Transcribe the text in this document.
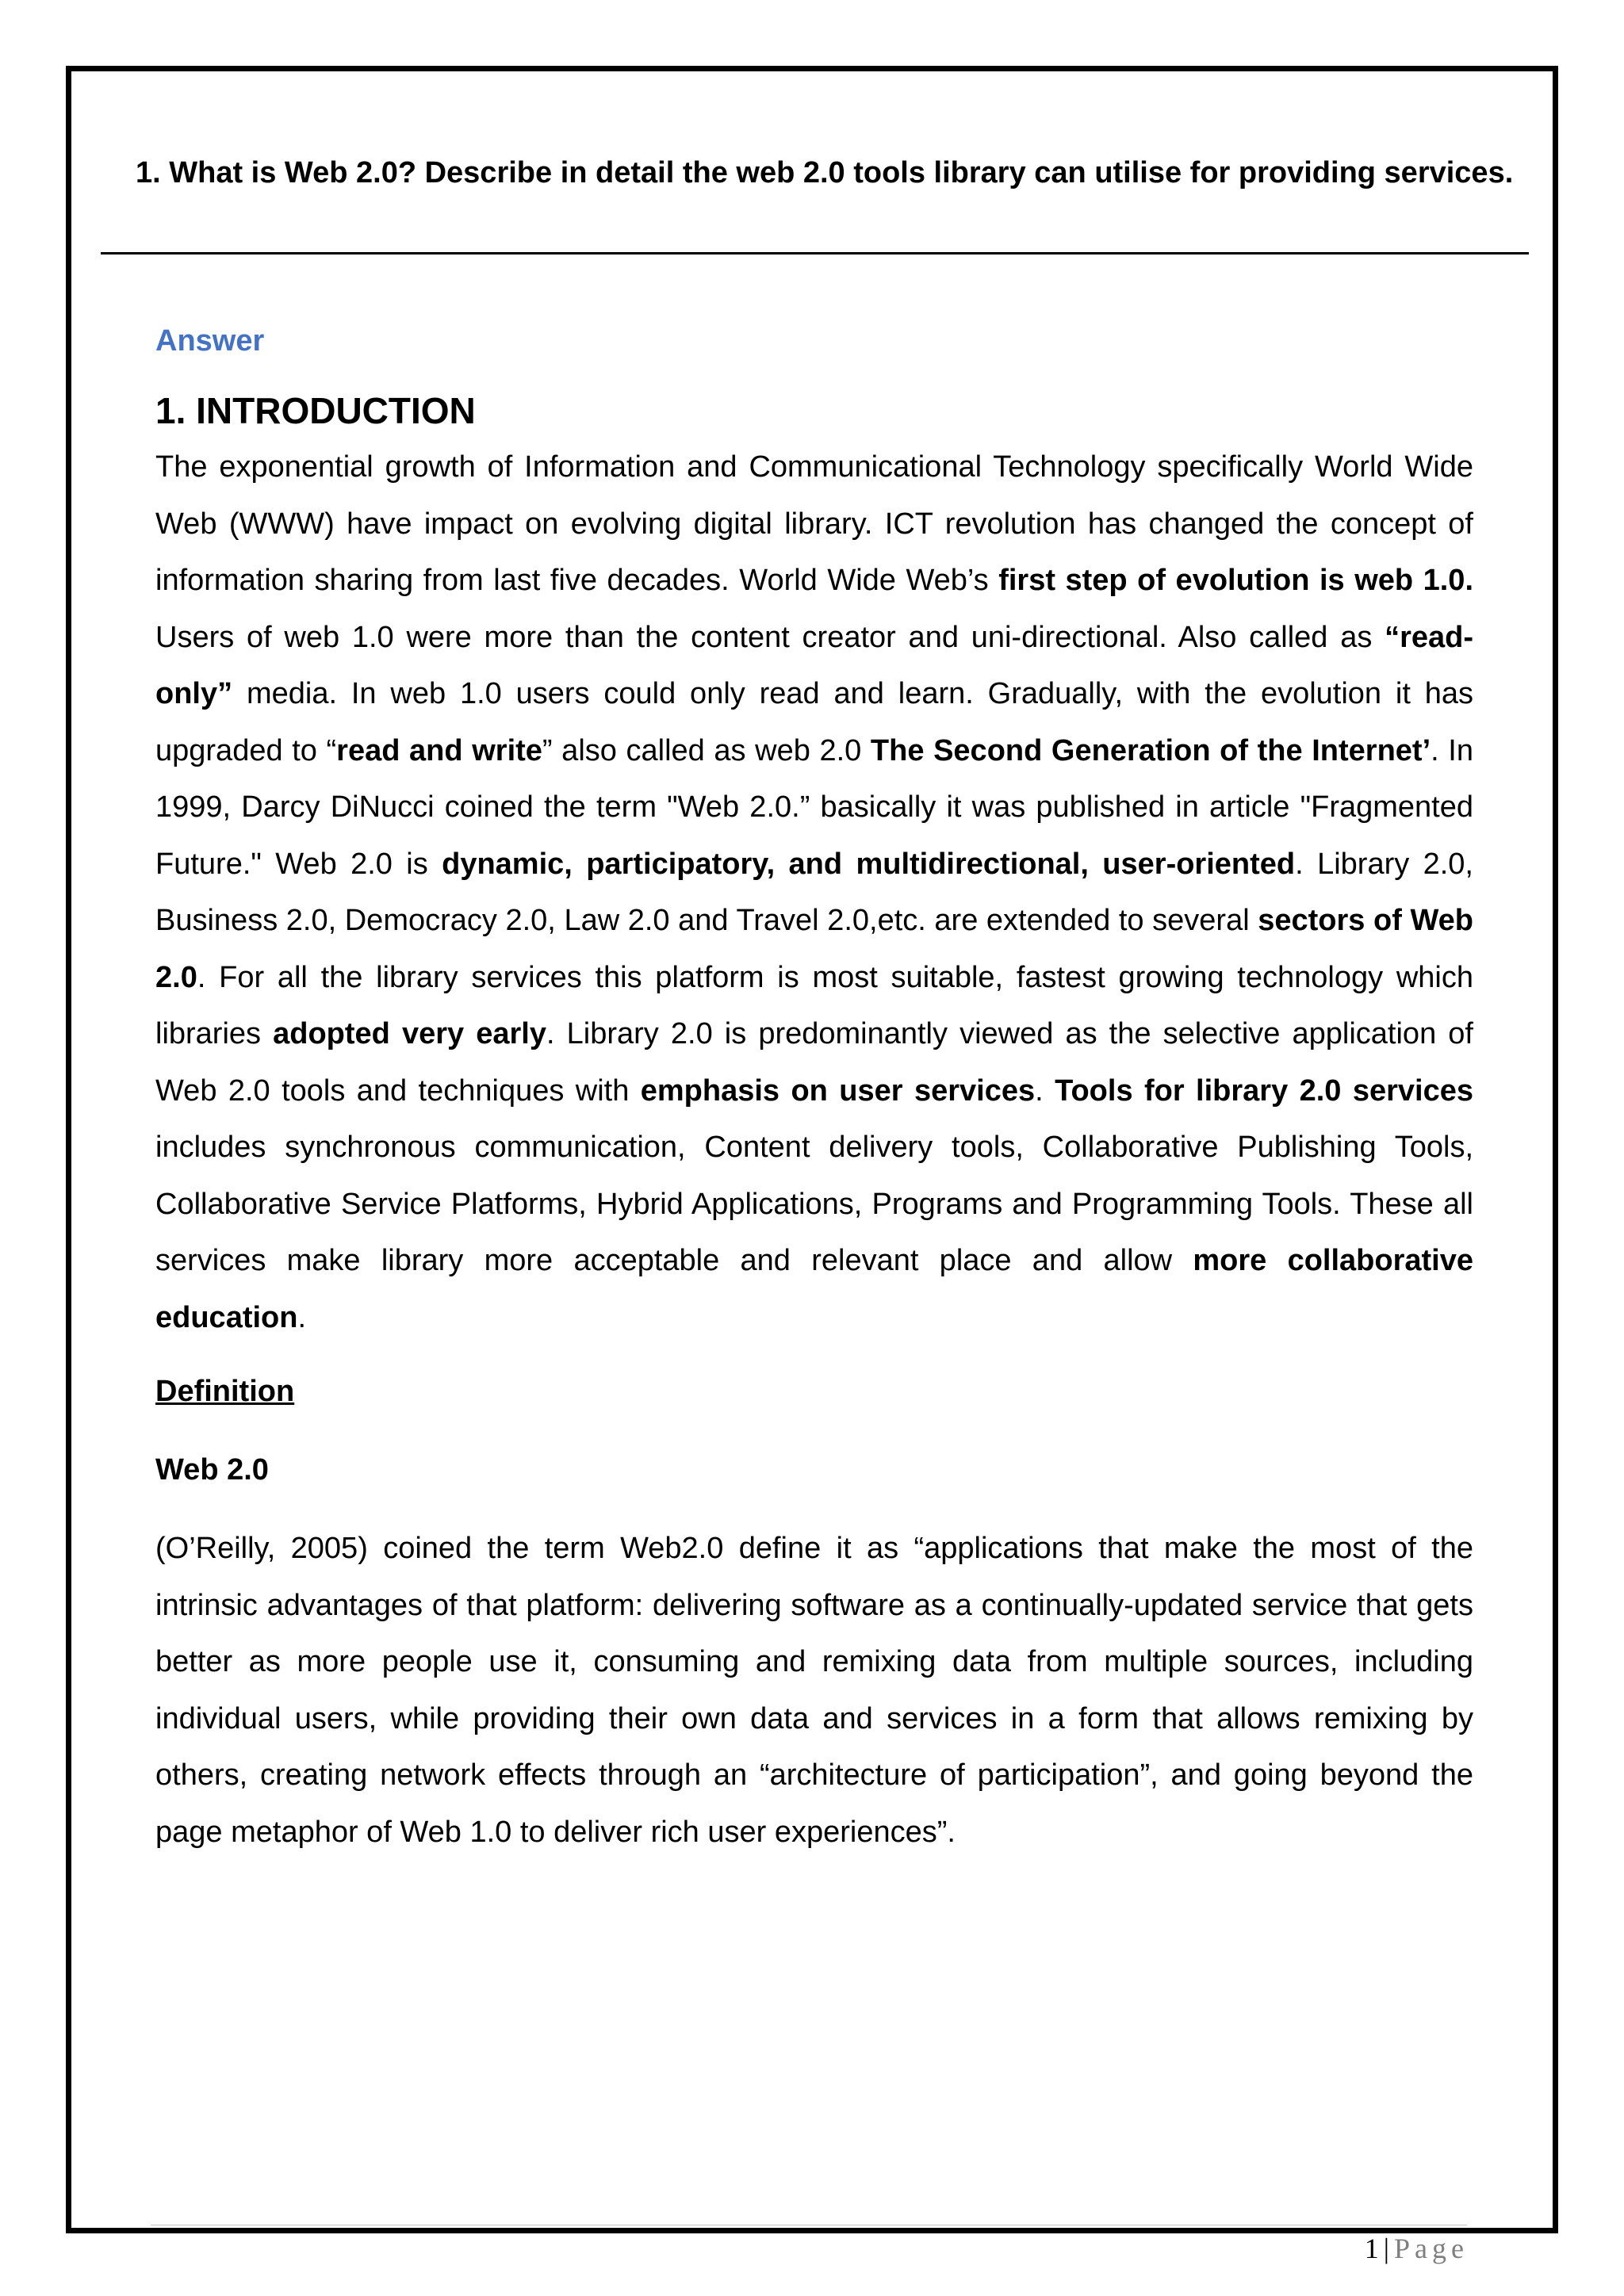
1. What is Web 2.0? Describe in detail the web 2.0 tools library can utilise for providing services.

Answer
1. INTRODUCTION

The exponential growth of Information and Communicational Technology specifically World Wide Web (WWW) have impact on evolving digital library. ICT revolution has changed the concept of information sharing from last five decades. World Wide Web’s first step of evolution is web 1.0. Users of web 1.0 were more than the content creator and uni-directional. Also called as “read-only” media. In web 1.0 users could only read and learn. Gradually, with the evolution it has upgraded to “read and write” also called as web 2.0 The Second Generation of the Internet’. In 1999, Darcy DiNucci coined the term "Web 2.0.” basically it was published in article "Fragmented Future." Web 2.0 is dynamic, participatory, and multidirectional, user-oriented. Library 2.0, Business 2.0, Democracy 2.0, Law 2.0 and Travel 2.0,etc. are extended to several sectors of Web 2.0. For all the library services this platform is most suitable, fastest growing technology which libraries adopted very early. Library 2.0 is predominantly viewed as the selective application of Web 2.0 tools and techniques with emphasis on user services. Tools for library 2.0 services includes synchronous communication, Content delivery tools, Collaborative Publishing Tools, Collaborative Service Platforms, Hybrid Applications, Programs and Programming Tools. These all services make library more acceptable and relevant place and allow more collaborative education.

Definition
Web 2.0

(O’Reilly, 2005) coined the term Web2.0 define it as “applications that make the most of the intrinsic advantages of that platform: delivering software as a continually-updated service that gets better as more people use it, consuming and remixing data from multiple sources, including individual users, while providing their own data and services in a form that allows remixing by others, creating network effects through an “architecture of participation”, and going beyond the page metaphor of Web 1.0 to deliver rich user experiences”.

1 | Page
